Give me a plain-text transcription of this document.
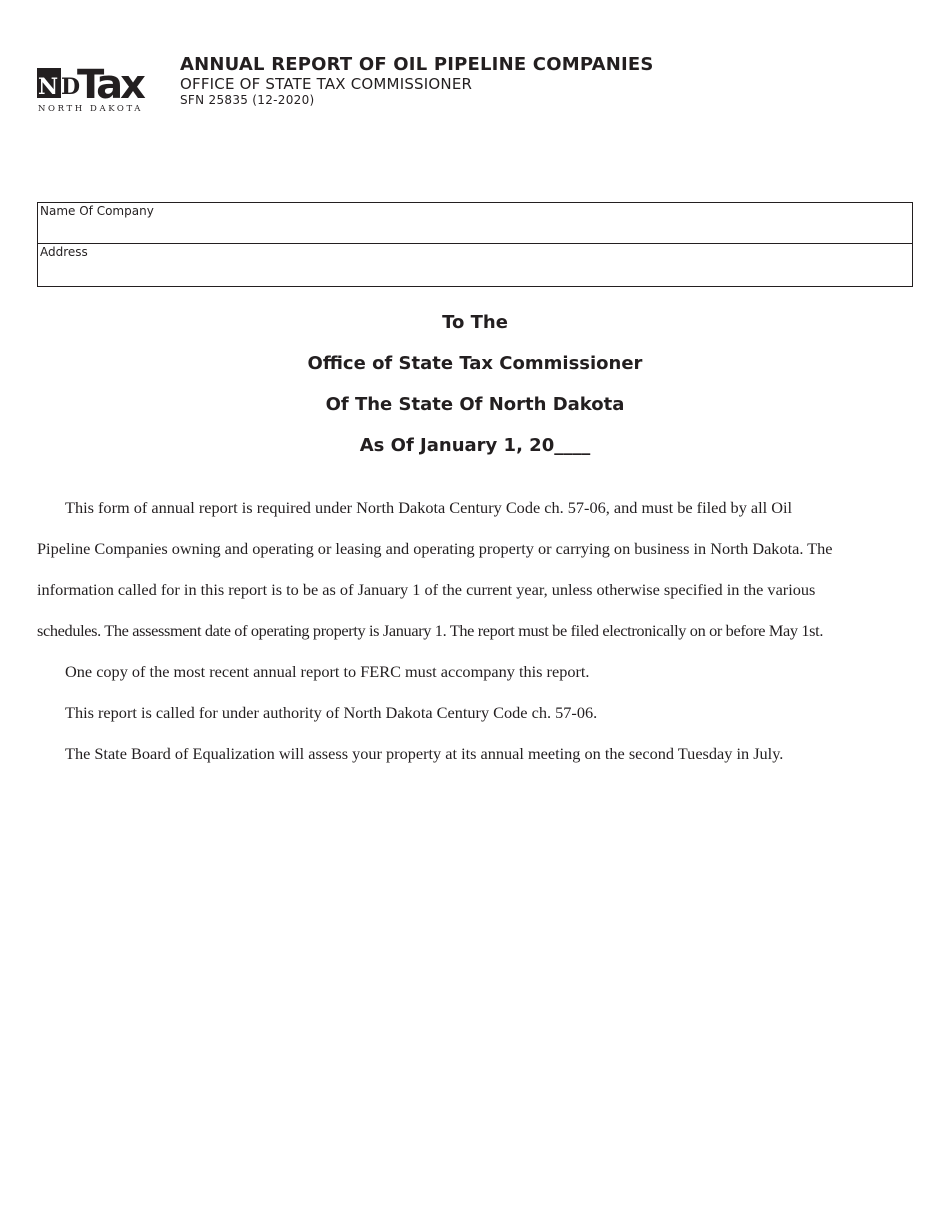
N D
Tax
NORTH DAKOTA
ANNUAL REPORT OF OIL PIPELINE COMPANIES
OFFICE OF STATE TAX COMMISSIONER
SFN 25835 (12-2020)
Name Of Company
Address
To The
Office of State Tax Commissioner
Of The State Of North Dakota
As Of January 1, 20____
This form of annual report is required under North Dakota Century Code ch. 57-06, and must be filed by all Oil
Pipeline Companies owning and operating or leasing and operating property or carrying on business in North Dakota. The
information called for in this report is to be as of January 1 of the current year, unless otherwise specified in the various
schedules. The assessment date of operating property is January 1. The report must be filed electronically on or before May 1st.
One copy of the most recent annual report to FERC must accompany this report.
This report is called for under authority of North Dakota Century Code ch. 57-06.
The State Board of Equalization will assess your property at its annual meeting on the second Tuesday in July.
